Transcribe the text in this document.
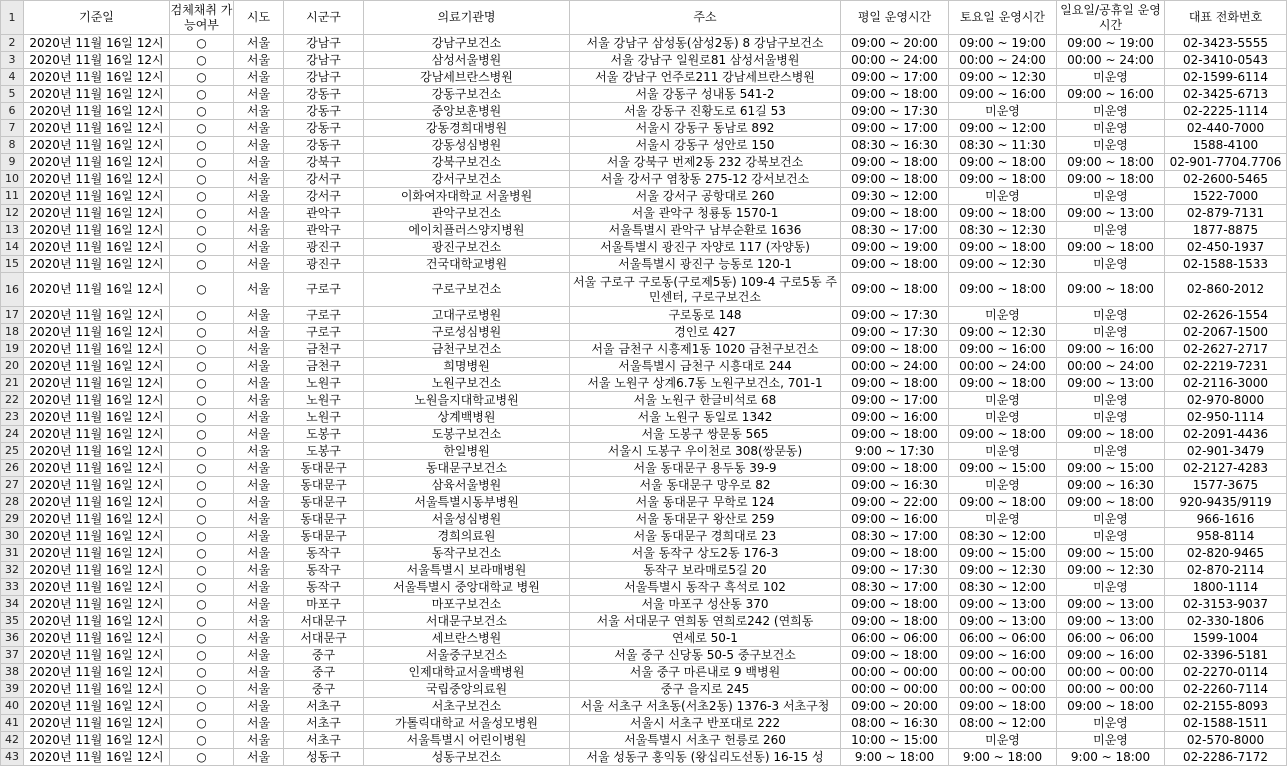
1	기준일	검체채취 가능여부	시도	시군구	의료기관명	주소	평일 운영시간	토요일 운영시간	일요일/공휴일 운영시간	대표 전화번호
2	2020년 11월 16일 12시	○	서울	강남구	강남구보건소	서울 강남구 삼성동(삼성2동) 8 강남구보건소	09:00 ~ 20:00	09:00 ~ 19:00	09:00 ~ 19:00	02-3423-5555
3	2020년 11월 16일 12시	○	서울	강남구	삼성서울병원	서울 강남구 일원로81 삼성서울병원	00:00 ~ 24:00	00:00 ~ 24:00	00:00 ~ 24:00	02-3410-0543
4	2020년 11월 16일 12시	○	서울	강남구	강남세브란스병원	서울 강남구 언주로211 강남세브란스병원	09:00 ~ 17:00	09:00 ~ 12:30	미운영	02-1599-6114
5	2020년 11월 16일 12시	○	서울	강동구	강동구보건소	서울 강동구 성내동 541-2	09:00 ~ 18:00	09:00 ~ 16:00	09:00 ~ 16:00	02-3425-6713
6	2020년 11월 16일 12시	○	서울	강동구	중앙보훈병원	서울 강동구 진황도로 61길 53	09:00 ~ 17:30	미운영	미운영	02-2225-1114
7	2020년 11월 16일 12시	○	서울	강동구	강동경희대병원	서울시 강동구 동남로 892	09:00 ~ 17:00	09:00 ~ 12:00	미운영	02-440-7000
8	2020년 11월 16일 12시	○	서울	강동구	강동성심병원	서울시 강동구 성안로 150	08:30 ~ 16:30	08:30 ~ 11:30	미운영	1588-4100
9	2020년 11월 16일 12시	○	서울	강북구	강북구보건소	서울 강북구 번제2동 232 강북보건소	09:00 ~ 18:00	09:00 ~ 18:00	09:00 ~ 18:00	02-901-7704.7706
10	2020년 11월 16일 12시	○	서울	강서구	강서구보건소	서울 강서구 염창동 275-12 강서보건소	09:00 ~ 18:00	09:00 ~ 18:00	09:00 ~ 18:00	02-2600-5465
11	2020년 11월 16일 12시	○	서울	강서구	이화여자대학교 서울병원	서울 강서구 공항대로 260	09:30 ~ 12:00	미운영	미운영	1522-7000
12	2020년 11월 16일 12시	○	서울	관악구	관악구보건소	서울 관악구 청룡동 1570-1	09:00 ~ 18:00	09:00 ~ 18:00	09:00 ~ 13:00	02-879-7131
13	2020년 11월 16일 12시	○	서울	관악구	에이치플러스양지병원	서울특별시 관악구 남부순환로 1636	08:30 ~ 17:00	08:30 ~ 12:30	미운영	1877-8875
14	2020년 11월 16일 12시	○	서울	광진구	광진구보건소	서울특별시 광진구 자양로 117 (자양동)	09:00 ~ 19:00	09:00 ~ 18:00	09:00 ~ 18:00	02-450-1937
15	2020년 11월 16일 12시	○	서울	광진구	건국대학교병원	서울특별시 광진구 능동로 120-1	09:00 ~ 18:00	09:00 ~ 12:30	미운영	02-1588-1533
16	2020년 11월 16일 12시	○	서울	구로구	구로구보건소	서울 구로구 구로동(구로제5동) 109-4 구로5동 주민센터, 구로구보건소	09:00 ~ 18:00	09:00 ~ 18:00	09:00 ~ 18:00	02-860-2012
17	2020년 11월 16일 12시	○	서울	구로구	고대구로병원	구로동로 148	09:00 ~ 17:30	미운영	미운영	02-2626-1554
18	2020년 11월 16일 12시	○	서울	구로구	구로성심병원	경인로 427	09:00 ~ 17:30	09:00 ~ 12:30	미운영	02-2067-1500
19	2020년 11월 16일 12시	○	서울	금천구	금천구보건소	서울 금천구 시흥제1동 1020 금천구보건소	09:00 ~ 18:00	09:00 ~ 16:00	09:00 ~ 16:00	02-2627-2717
20	2020년 11월 16일 12시	○	서울	금천구	희명병원	서울특별시 금천구 시흥대로 244	00:00 ~ 24:00	00:00 ~ 24:00	00:00 ~ 24:00	02-2219-7231
21	2020년 11월 16일 12시	○	서울	노원구	노원구보건소	서울 노원구 상계6.7동 노원구보건소, 701-1	09:00 ~ 18:00	09:00 ~ 18:00	09:00 ~ 13:00	02-2116-3000
22	2020년 11월 16일 12시	○	서울	노원구	노원을지대학교병원	서울 노원구 한글비석로 68	09:00 ~ 17:00	미운영	미운영	02-970-8000
23	2020년 11월 16일 12시	○	서울	노원구	상계백병원	서울 노원구 동일로 1342	09:00 ~ 16:00	미운영	미운영	02-950-1114
24	2020년 11월 16일 12시	○	서울	도봉구	도봉구보건소	서울 도봉구 쌍문동 565	09:00 ~ 18:00	09:00 ~ 18:00	09:00 ~ 18:00	02-2091-4436
25	2020년 11월 16일 12시	○	서울	도봉구	한일병원	서울시 도봉구 우이천로 308(쌍문동)	9:00 ~ 17:30	미운영	미운영	02-901-3479
26	2020년 11월 16일 12시	○	서울	동대문구	동대문구보건소	서울 동대문구 용두동 39-9	09:00 ~ 18:00	09:00 ~ 15:00	09:00 ~ 15:00	02-2127-4283
27	2020년 11월 16일 12시	○	서울	동대문구	삼육서울병원	서울 동대문구 망우로 82	09:00 ~ 16:30	미운영	09:00 ~ 16:30	1577-3675
28	2020년 11월 16일 12시	○	서울	동대문구	서울특별시동부병원	서울 동대문구 무학로 124	09:00 ~ 22:00	09:00 ~ 18:00	09:00 ~ 18:00	920-9435/9119
29	2020년 11월 16일 12시	○	서울	동대문구	서울성심병원	서울 동대문구 왕산로 259	09:00 ~ 16:00	미운영	미운영	966-1616
30	2020년 11월 16일 12시	○	서울	동대문구	경희의료원	서울 동대문구 경희대로 23	08:30 ~ 17:00	08:30 ~ 12:00	미운영	958-8114
31	2020년 11월 16일 12시	○	서울	동작구	동작구보건소	서울 동작구 상도2동 176-3	09:00 ~ 18:00	09:00 ~ 15:00	09:00 ~ 15:00	02-820-9465
32	2020년 11월 16일 12시	○	서울	동작구	서울특별시 보라매병원	동작구 보라매로5길 20	09:00 ~ 17:30	09:00 ~ 12:30	09:00 ~ 12:30	02-870-2114
33	2020년 11월 16일 12시	○	서울	동작구	서울특별시 중앙대학교 병원	서울특별시 동작구 흑석로 102	08:30 ~ 17:00	08:30 ~ 12:00	미운영	1800-1114
34	2020년 11월 16일 12시	○	서울	마포구	마포구보건소	서울 마포구 성산동 370	09:00 ~ 18:00	09:00 ~ 13:00	09:00 ~ 13:00	02-3153-9037
35	2020년 11월 16일 12시	○	서울	서대문구	서대문구보건소	서울 서대문구 연희동 연희로242 (연희동	09:00 ~ 18:00	09:00 ~ 13:00	09:00 ~ 13:00	02-330-1806
36	2020년 11월 16일 12시	○	서울	서대문구	세브란스병원	연세로 50-1	06:00 ~ 06:00	06:00 ~ 06:00	06:00 ~ 06:00	1599-1004
37	2020년 11월 16일 12시	○	서울	중구	서울중구보건소	서울 중구 신당동 50-5 중구보건소	09:00 ~ 18:00	09:00 ~ 16:00	09:00 ~ 16:00	02-3396-5181
38	2020년 11월 16일 12시	○	서울	중구	인제대학교서울백병원	서울 중구 마른내로 9 백병원	00:00 ~ 00:00	00:00 ~ 00:00	00:00 ~ 00:00	02-2270-0114
39	2020년 11월 16일 12시	○	서울	중구	국립중앙의료원	중구 을지로 245	00:00 ~ 00:00	00:00 ~ 00:00	00:00 ~ 00:00	02-2260-7114
40	2020년 11월 16일 12시	○	서울	서초구	서초구보건소	서울 서초구 서초동(서초2동) 1376-3 서초구청	09:00 ~ 20:00	09:00 ~ 18:00	09:00 ~ 18:00	02-2155-8093
41	2020년 11월 16일 12시	○	서울	서초구	가톨릭대학교 서울성모병원	서울시 서초구 반포대로 222	08:00 ~ 16:30	08:00 ~ 12:00	미운영	02-1588-1511
42	2020년 11월 16일 12시	○	서울	서초구	서울특별시 어린이병원	서울특별시 서초구 헌릉로 260	10:00 ~ 15:00	미운영	미운영	02-570-8000
43	2020년 11월 16일 12시	○	서울	성동구	성동구보건소	서울 성동구 홍익동 (왕십리도선동) 16-15 성	9:00 ~ 18:00	9:00 ~ 18:00	9:00 ~ 18:00	02-2286-7172
